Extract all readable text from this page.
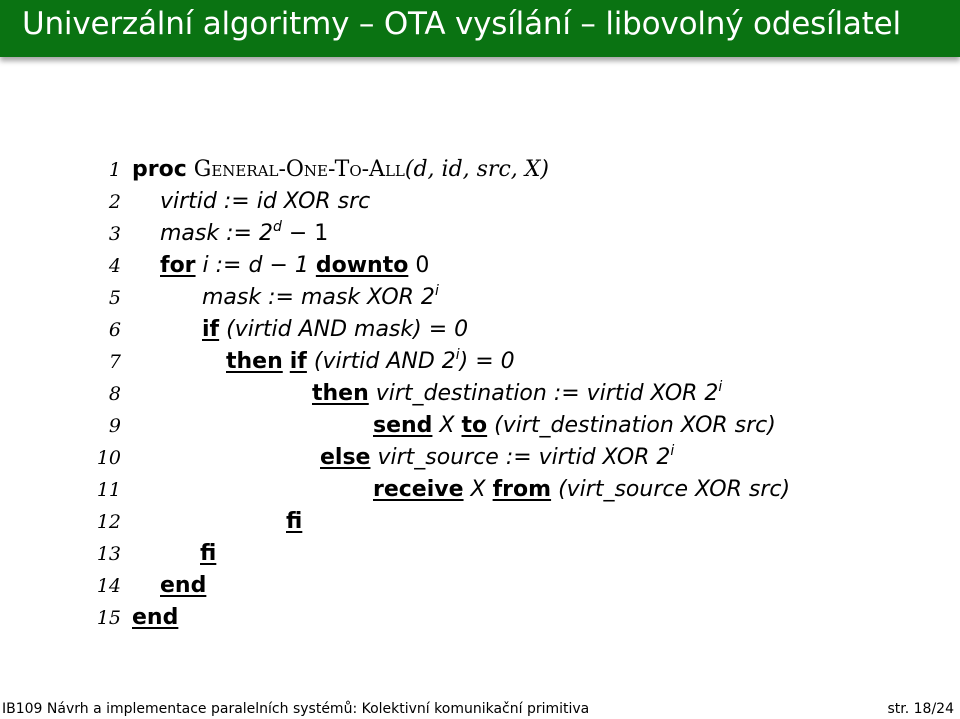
Univerzální algoritmy – OTA vysílání – libovolný odesílatel
1 proc General-One-To-All(d, id, src, X)
2 virtid := id XOR src
3 mask := $2^d - 1$
4 for i := d − 1 downto 0
5	mask := mask XOR 2$^i$
6	if (virtid AND mask) = 0
7	then if (virtid AND $2^i) = 0$
8	then virt_destination := virtid XOR 2$^i$
9	send X to (virt_destination XOR src)
10	else virt_source := virtid XOR 2$^i$
11	receive X from (virt_source XOR src)
12	fi
13	fi
14 end
15 end
IB109 Návrh a implementace paralelních systémů: Kolektivní komunikační primitiva	str. 18/24
